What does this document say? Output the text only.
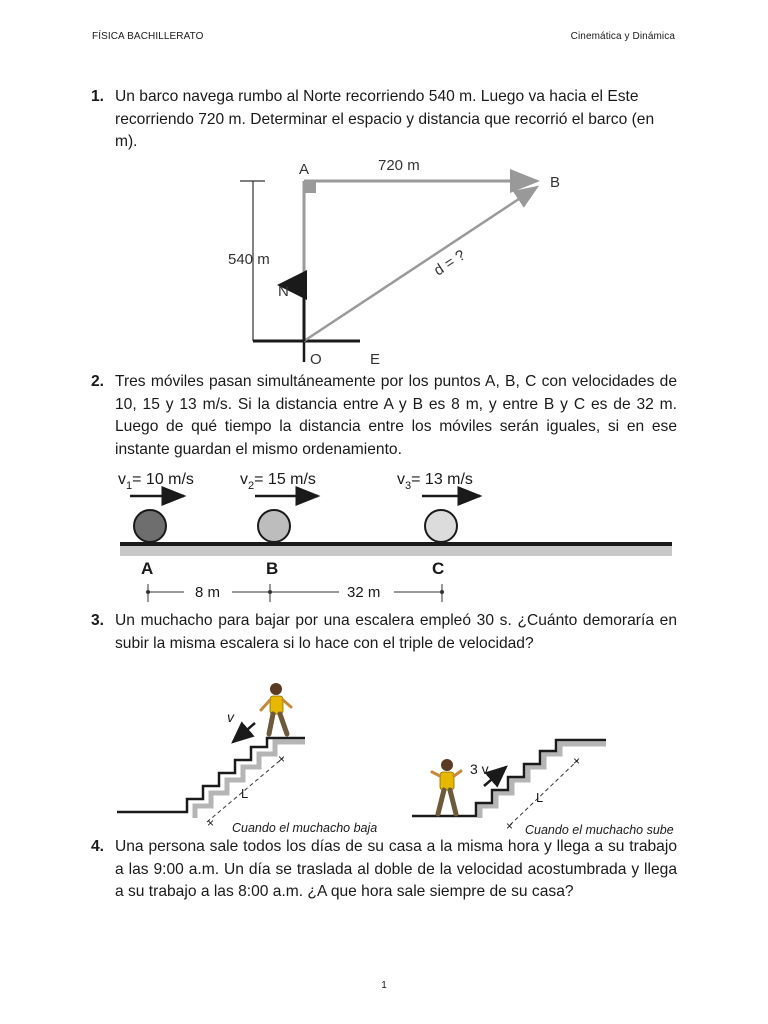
FÍSICA BACHILLERATO	Cinemática y Dinámica
1. Un barco navega rumbo al Norte recorriendo 540 m. Luego va hacia el Este recorriendo 720 m. Determinar el espacio y distancia que recorrió el barco (en m).
A
B
O	E
N
720 m
540 m	d = ?
2. Tres móviles pasan simultáneamente por los puntos A, B, C con velocidades de 10, 15 y 13 m/s. Si la distancia entre A y B es 8 m, y entre B y C es de 32 m. Luego de qué tiempo la distancia entre los móviles serán iguales, si en ese instante guardan el mismo ordenamiento.
$v_1= 10$ m/s	$v_2= 15$ m/s	$v_3= 13$ m/s
A	B	C
8 m	32 m
3. Un muchacho para bajar por una escalera empleó 30 s. ¿Cuánto demoraría en subir la misma escalera si lo hace con el triple de velocidad?
×
×
L
v
Cuando el muchacho baja	×
×
L
3 v
Cuando el muchacho sube
4. Una persona sale todos los días de su casa a la misma hora y llega a su trabajo a las 9:00 a.m. Un día se traslada al doble de la velocidad acostumbrada y llega a su trabajo a las 8:00 a.m. ¿A que hora sale siempre de su casa?
1
